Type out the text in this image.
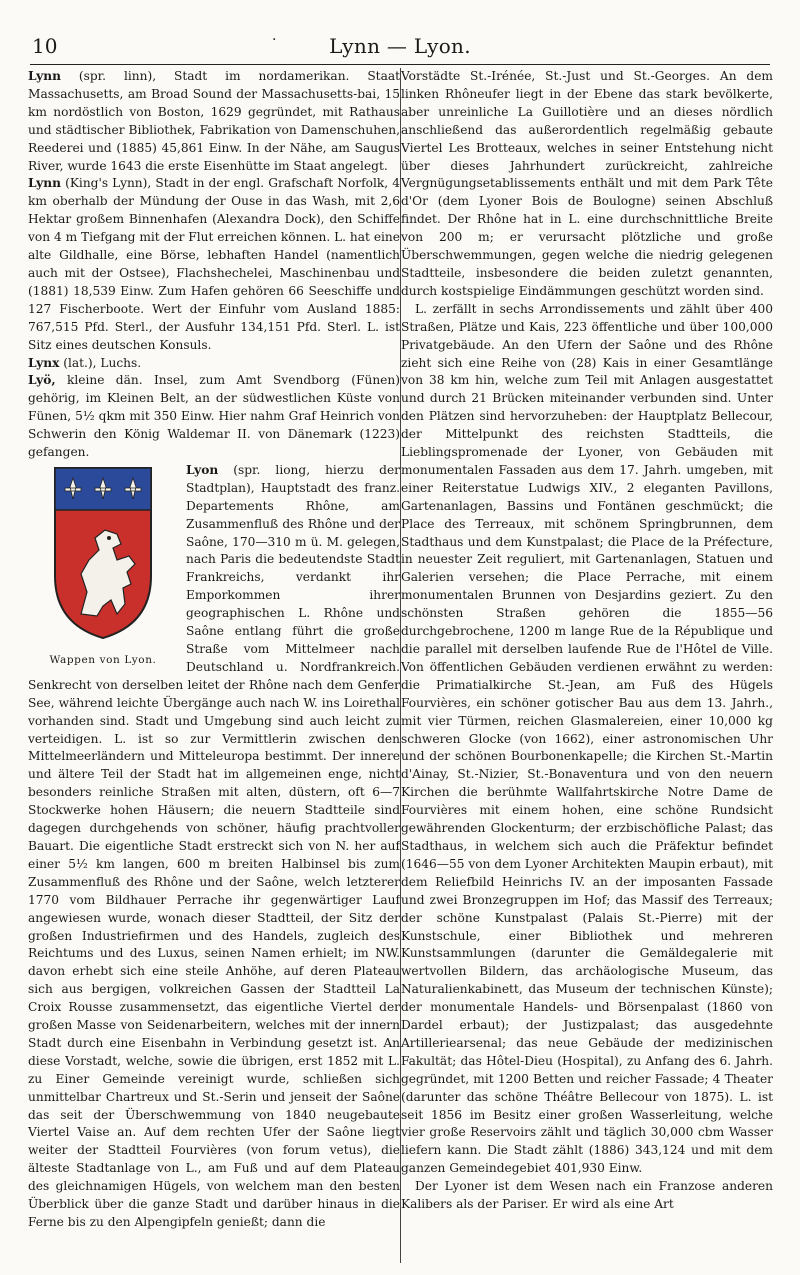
10	·	Lynn — Lyon.

Lynn (spr. linn), Stadt im nordamerikan. Staat Massachusetts, am Broad Sound der Massachusetts-bai, 15 km nordöstlich von Boston, 1629 gegründet, mit Rathaus und städtischer Bibliothek, Fabrikation von Damenschuhen, Reederei und (1885) 45,861 Einw. In der Nähe, am Saugus River, wurde 1643 die erste Eisenhütte im Staat angelegt.

Lynn (King's Lynn), Stadt in der engl. Grafschaft Norfolk, 4 km oberhalb der Mündung der Ouse in das Wash, mit 2,6 Hektar großem Binnenhafen (Alexandra Dock), den Schiffe von 4 m Tiefgang mit der Flut erreichen können. L. hat eine alte Gildhalle, eine Börse, lebhaften Handel (namentlich auch mit der Ostsee), Flachshechelei, Maschinenbau und (1881) 18,539 Einw. Zum Hafen gehören 66 Seeschiffe und 127 Fischerboote. Wert der Einfuhr vom Ausland 1885: 767,515 Pfd. Sterl., der Ausfuhr 134,151 Pfd. Sterl. L. ist Sitz eines deutschen Konsuls.

Lynx (lat.), Luchs.

Lyö, kleine dän. Insel, zum Amt Svendborg (Fünen) gehörig, im Kleinen Belt, an der südwestlichen Küste von Fünen, 5½ qkm mit 350 Einw. Hier nahm Graf Heinrich von Schwerin den König Waldemar II. von Dänemark (1223) gefangen.

Lyon
Wappen von Lyon.
(spr. liong, hierzu der Stadtplan), Hauptstadt des franz. Departements Rhône, am Zusammenfluß des Rhône und der Saône, 170—310 m ü. M. gelegen, nach Paris die bedeutendste Stadt Frankreichs, verdankt ihr Emporkommen ihrer geographischen L. Rhône und Saône entlang führt die große Straße vom Mittelmeer nach Deutschland u. Nordfrankreich. Senkrecht von derselben leitet der Rhône nach dem Genfer See, während leichte Übergänge auch nach W. ins Loirethal vorhanden sind. Stadt und Umgebung sind auch leicht zu verteidigen. L. ist so zur Vermittlerin zwischen den Mittelmeerländern und Mitteleuropa bestimmt. Der innere und ältere Teil der Stadt hat im allgemeinen enge, nicht besonders reinliche Straßen mit alten, düstern, oft 6—7 Stockwerke hohen Häusern; die neuern Stadtteile sind dagegen durchgehends von schöner, häufig prachtvoller Bauart. Die eigentliche Stadt erstreckt sich von N. her auf einer 5½ km langen, 600 m breiten Halbinsel bis zum Zusammenfluß des Rhône und der Saône, welch letzterer 1770 vom Bildhauer Perrache ihr gegenwärtiger Lauf angewiesen wurde, wonach dieser Stadtteil, der Sitz der großen Industriefirmen und des Handels, zugleich des Reichtums und des Luxus, seinen Namen erhielt; im NW. davon erhebt sich eine steile Anhöhe, auf deren Plateau sich aus bergigen, volkreichen Gassen der Stadtteil La Croix Rousse zusammensetzt, das eigentliche Viertel der großen Masse von Seidenarbeitern, welches mit der innern Stadt durch eine Eisenbahn in Verbindung gesetzt ist. An diese Vorstadt, welche, sowie die übrigen, erst 1852 mit L. zu Einer Gemeinde vereinigt wurde, schließen sich unmittelbar Chartreux und St.-Serin und jenseit der Saône das seit der Überschwemmung von 1840 neugebaute Viertel Vaise an. Auf dem rechten Ufer der Saône liegt weiter der Stadtteil Fourvières (von forum vetus), die älteste Stadtanlage von L., am Fuß und auf dem Plateau des gleichnamigen Hügels, von welchem man den besten Überblick über die ganze Stadt und darüber hinaus in die Ferne bis zu den Alpengipfeln genießt; dann die

Vorstädte St.-Irénée, St.-Just und St.-Georges. An dem linken Rhôneufer liegt in der Ebene das stark bevölkerte, aber unreinliche La Guillotière und an dieses nördlich anschließend das außerordentlich regelmäßig gebaute Viertel Les Brotteaux, welches in seiner Entstehung nicht über dieses Jahrhundert zurückreicht, zahlreiche Vergnügungsetablissements enthält und mit dem Park Tête d'Or (dem Lyoner Bois de Boulogne) seinen Abschluß findet. Der Rhône hat in L. eine durchschnittliche Breite von 200 m; er verursacht plötzliche und große Überschwemmungen, gegen welche die niedrig gelegenen Stadtteile, insbesondere die beiden zuletzt genannten, durch kostspielige Eindämmungen geschützt worden sind.

L. zerfällt in sechs Arrondissements und zählt über 400 Straßen, Plätze und Kais, 223 öffentliche und über 100,000 Privatgebäude. An den Ufern der Saône und des Rhône zieht sich eine Reihe von (28) Kais in einer Gesamtlänge von 38 km hin, welche zum Teil mit Anlagen ausgestattet und durch 21 Brücken miteinander verbunden sind. Unter den Plätzen sind hervorzuheben: der Hauptplatz Bellecour, der Mittelpunkt des reichsten Stadtteils, die Lieblingspromenade der Lyoner, von Gebäuden mit monumentalen Fassaden aus dem 17. Jahrh. umgeben, mit einer Reiterstatue Ludwigs XIV., 2 eleganten Pavillons, Gartenanlagen, Bassins und Fontänen geschmückt; die Place des Terreaux, mit schönem Springbrunnen, dem Stadthaus und dem Kunstpalast; die Place de la Préfecture, in neuester Zeit reguliert, mit Gartenanlagen, Statuen und Galerien versehen; die Place Perrache, mit einem monumentalen Brunnen von Desjardins geziert. Zu den schönsten Straßen gehören die 1855—56 durchgebrochene, 1200 m lange Rue de la République und die parallel mit derselben laufende Rue de l'Hôtel de Ville. Von öffentlichen Gebäuden verdienen erwähnt zu werden: die Primatialkirche St.-Jean, am Fuß des Hügels Fourvières, ein schöner gotischer Bau aus dem 13. Jahrh., mit vier Türmen, reichen Glasmalereien, einer 10,000 kg schweren Glocke (von 1662), einer astronomischen Uhr und der schönen Bourbonenkapelle; die Kirchen St.-Martin d'Ainay, St.-Nizier, St.-Bonaventura und von den neuern Kirchen die berühmte Wallfahrtskirche Notre Dame de Fourvières mit einem hohen, eine schöne Rundsicht gewährenden Glockenturm; der erzbischöfliche Palast; das Stadthaus, in welchem sich auch die Präfektur befindet (1646—55 von dem Lyoner Architekten Maupin erbaut), mit dem Reliefbild Heinrichs IV. an der imposanten Fassade und zwei Bronzegruppen im Hof; das Massif des Terreaux; der schöne Kunstpalast (Palais St.-Pierre) mit der Kunstschule, einer Bibliothek und mehreren Kunstsammlungen (darunter die Gemäldegalerie mit wertvollen Bildern, das archäologische Museum, das Naturalienkabinett, das Museum der technischen Künste); der monumentale Handels- und Börsenpalast (1860 von Dardel erbaut); der Justizpalast; das ausgedehnte Artilleriearsenal; das neue Gebäude der medizinischen Fakultät; das Hôtel-Dieu (Hospital), zu Anfang des 6. Jahrh. gegründet, mit 1200 Betten und reicher Fassade; 4 Theater (darunter das schöne Théâtre Bellecour von 1875). L. ist seit 1856 im Besitz einer großen Wasserleitung, welche vier große Reservoirs zählt und täglich 30,000 cbm Wasser liefern kann. Die Stadt zählt (1886) 343,124 und mit dem ganzen Gemeindegebiet 401,930 Einw.

Der Lyoner ist dem Wesen nach ein Franzose anderen Kalibers als der Pariser. Er wird als eine Art
